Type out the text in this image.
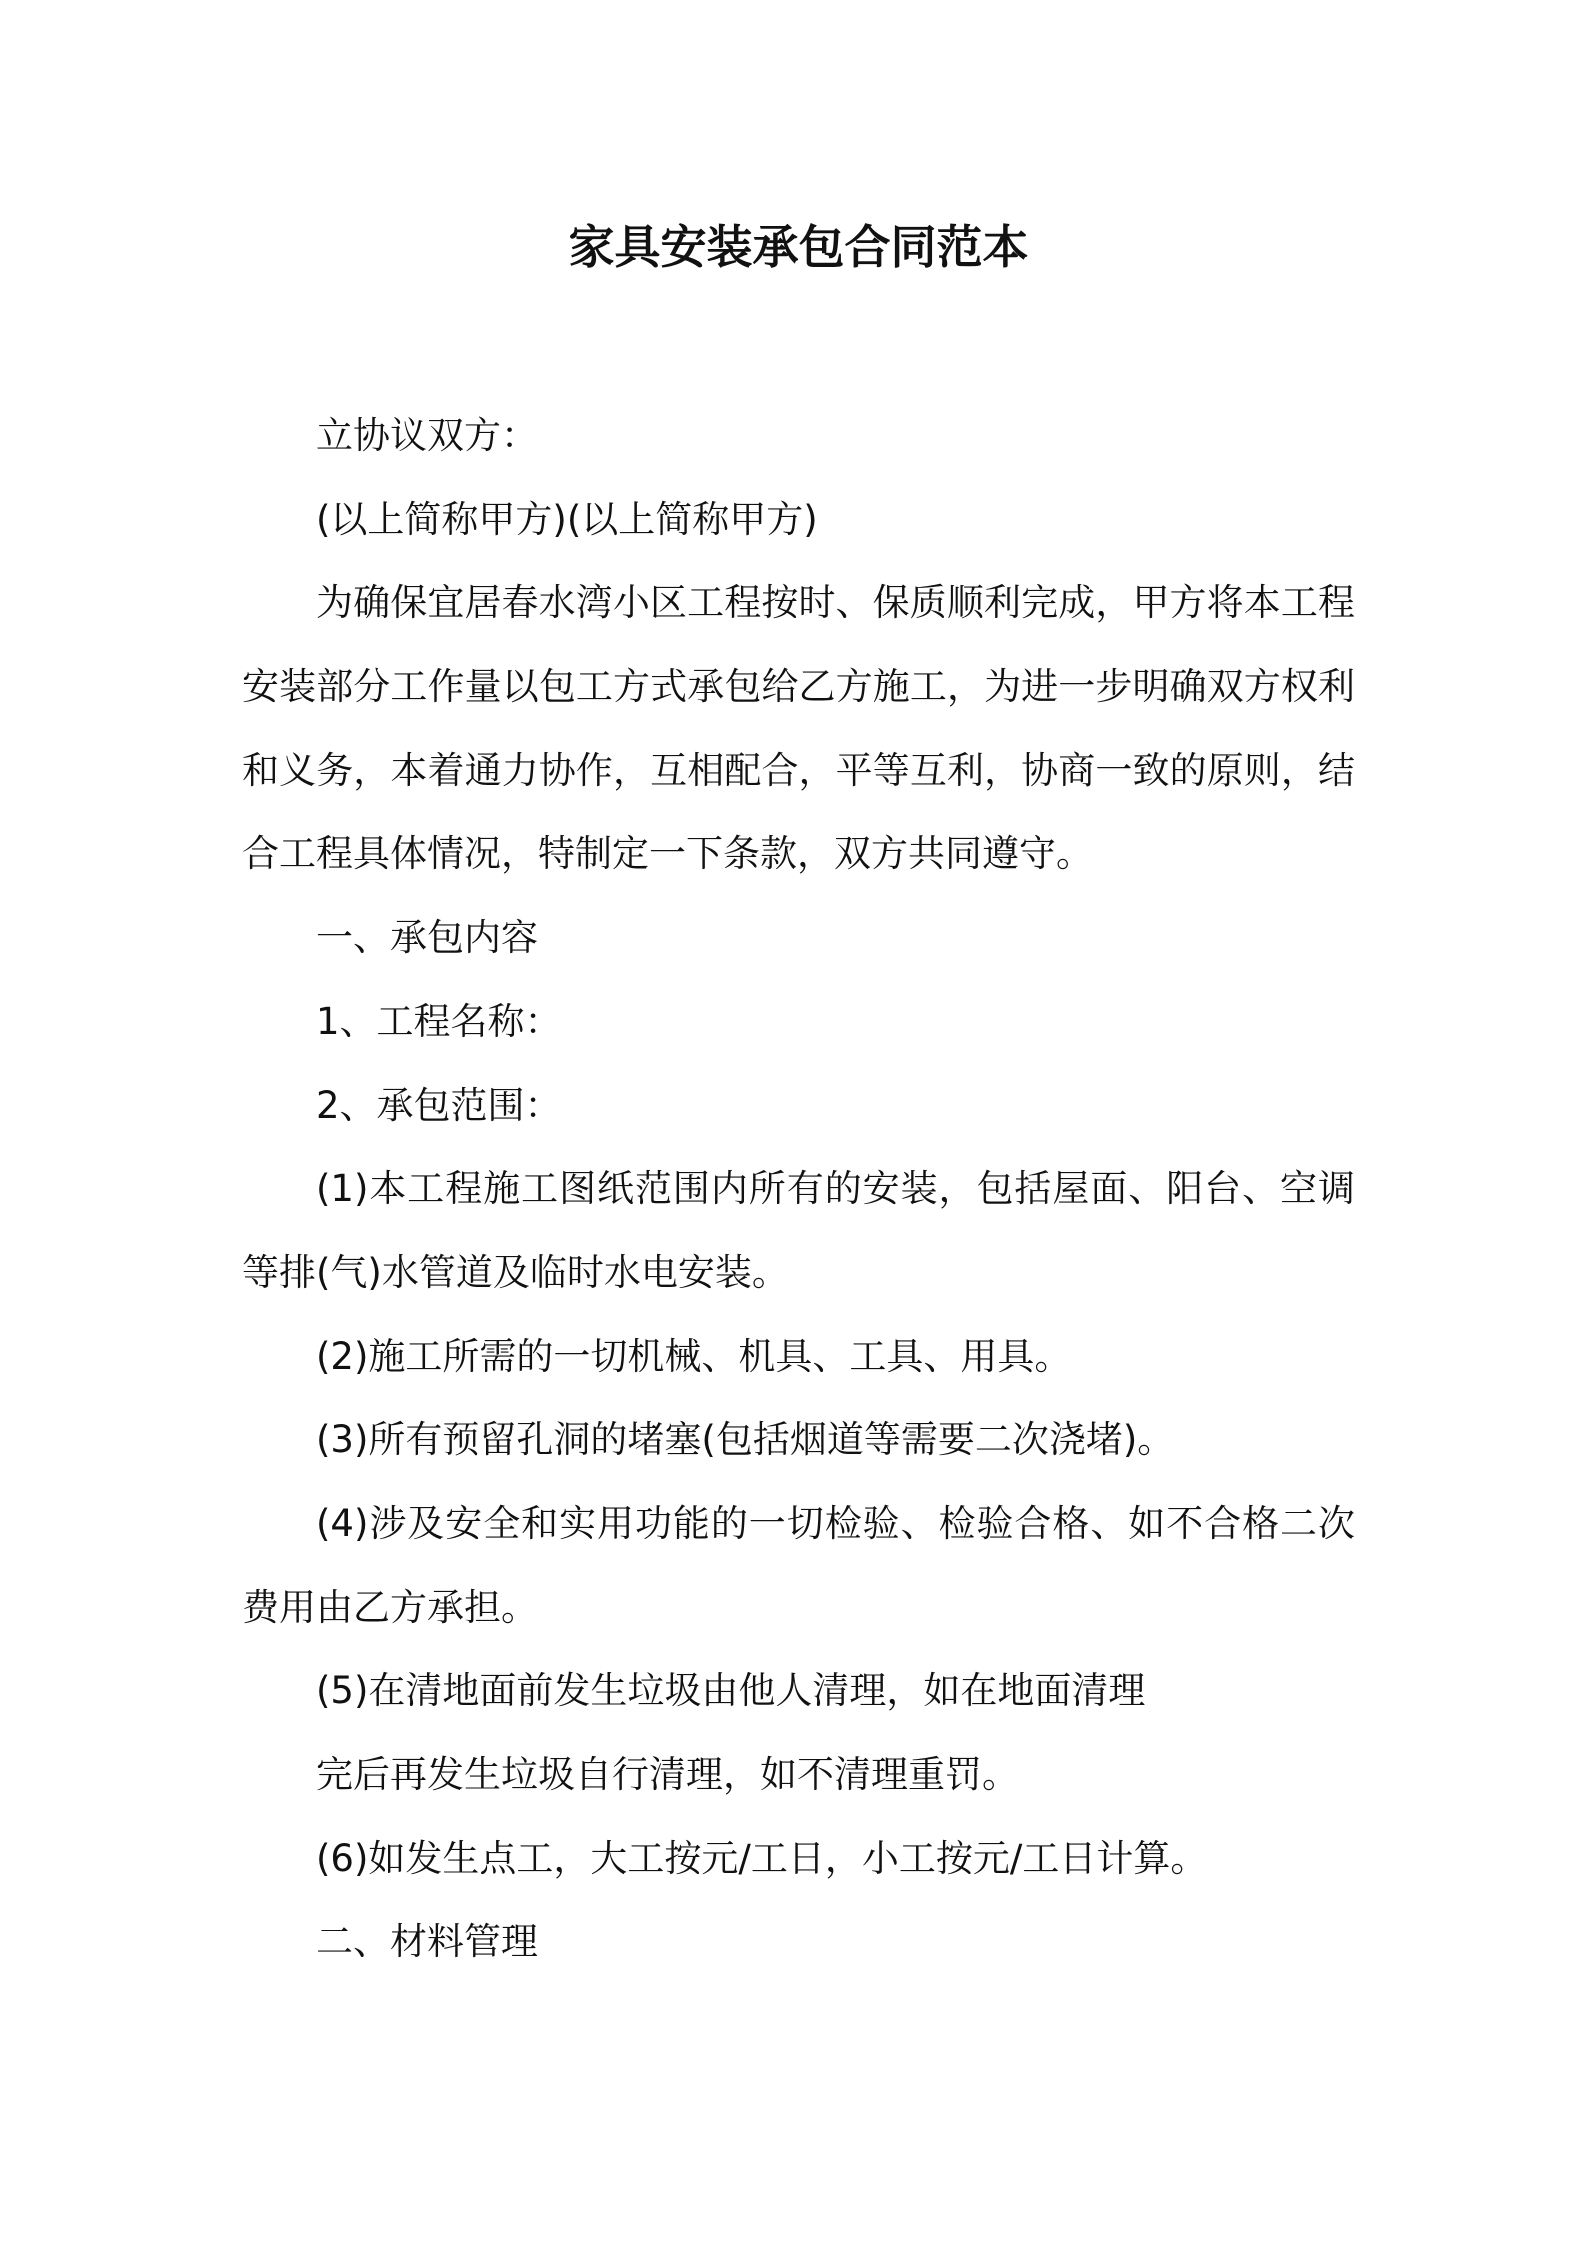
家具安装承包合同范本
立协议双方：
(以上简称甲方)(以上简称甲方)
为确保宜居春水湾小区工程按时、保质顺利完成，甲方将本工程
安装部分工作量以包工方式承包给乙方施工，为进一步明确双方权利
和义务，本着通力协作，互相配合，平等互利，协商一致的原则，结
合工程具体情况，特制定一下条款，双方共同遵守。
一、承包内容
1、工程名称：
2、承包范围：
(1)本工程施工图纸范围内所有的安装，包括屋面、阳台、空调
等排(气)水管道及临时水电安装。
(2)施工所需的一切机械、机具、工具、用具。
(3)所有预留孔洞的堵塞(包括烟道等需要二次浇堵)。
(4)涉及安全和实用功能的一切检验、检验合格、如不合格二次
费用由乙方承担。
(5)在清地面前发生垃圾由他人清理，如在地面清理
完后再发生垃圾自行清理，如不清理重罚。
(6)如发生点工，大工按元/工日，小工按元/工日计算。
二、材料管理
